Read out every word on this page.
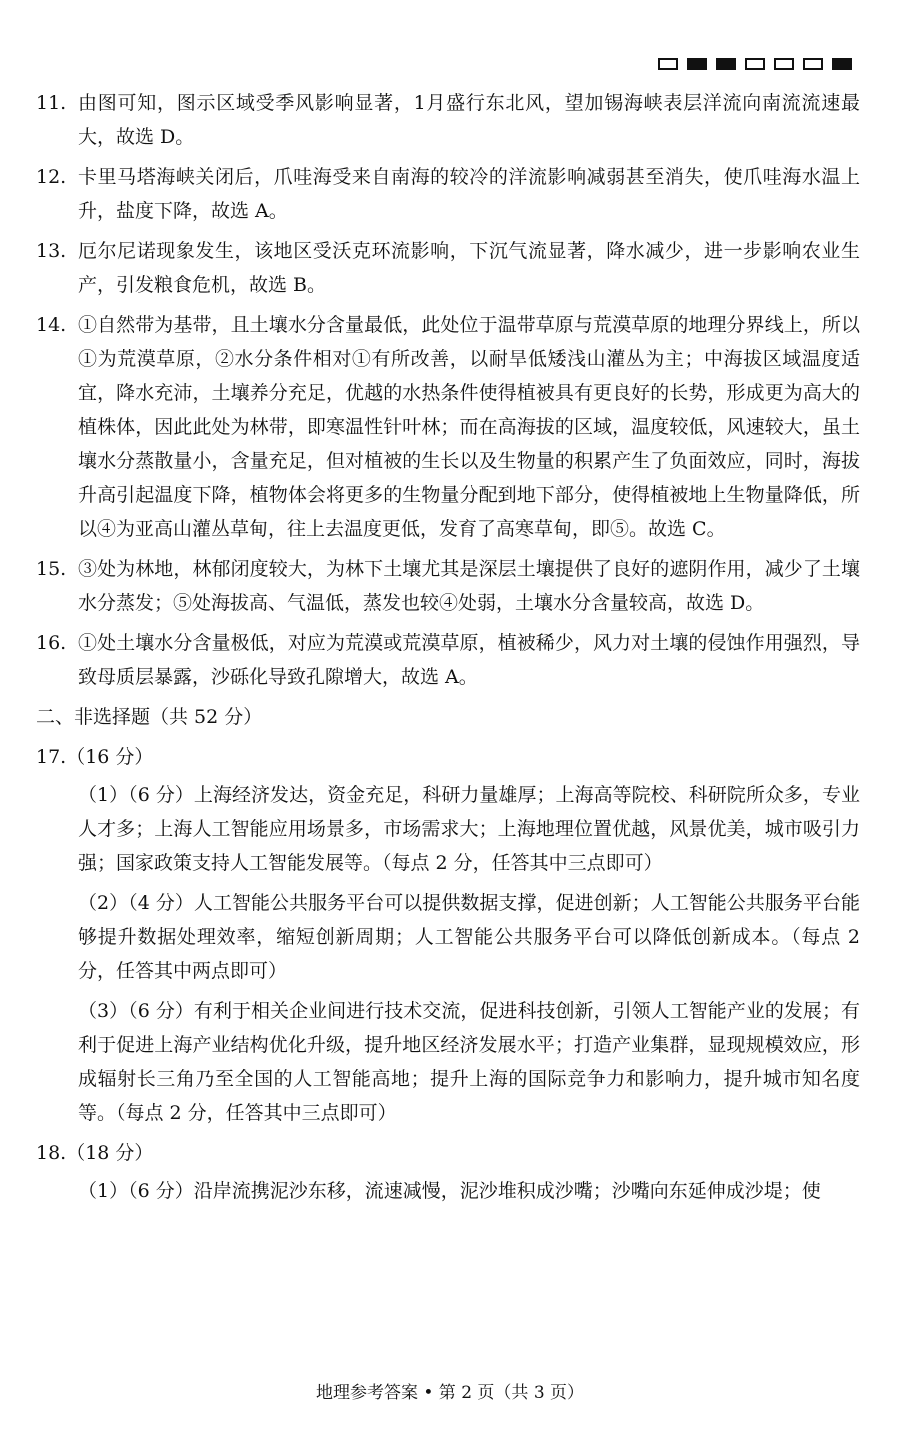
11. 由图可知，图示区域受季风影响显著，1月盛行东北风，望加锡海峡表层洋流向南流流速最大，故选 D。
12. 卡里马塔海峡关闭后，爪哇海受来自南海的较冷的洋流影响减弱甚至消失，使爪哇海水温上升，盐度下降，故选 A。
13. 厄尔尼诺现象发生，该地区受沃克环流影响，下沉气流显著，降水减少，进一步影响农业生产，引发粮食危机，故选 B。
14. ①自然带为基带，且土壤水分含量最低，此处位于温带草原与荒漠草原的地理分界线上，所以①为荒漠草原，②水分条件相对①有所改善，以耐旱低矮浅山灌丛为主；中海拔区域温度适宜，降水充沛，土壤养分充足，优越的水热条件使得植被具有更良好的长势，形成更为高大的植株体，因此此处为林带，即寒温性针叶林；而在高海拔的区域，温度较低，风速较大，虽土壤水分蒸散量小，含量充足，但对植被的生长以及生物量的积累产生了负面效应，同时，海拔升高引起温度下降，植物体会将更多的生物量分配到地下部分，使得植被地上生物量降低，所以④为亚高山灌丛草甸，往上去温度更低，发育了高寒草甸，即⑤。故选 C。
15. ③处为林地，林郁闭度较大，为林下土壤尤其是深层土壤提供了良好的遮阴作用，减少了土壤水分蒸发；⑤处海拔高、气温低，蒸发也较④处弱，土壤水分含量较高，故选 D。
16. ①处土壤水分含量极低，对应为荒漠或荒漠草原，植被稀少，风力对土壤的侵蚀作用强烈，导致母质层暴露，沙砾化导致孔隙增大，故选 A。
二、非选择题（共 52 分）
17.（16 分）
（1）（6 分）上海经济发达，资金充足，科研力量雄厚；上海高等院校、科研院所众多，专业人才多；上海人工智能应用场景多，市场需求大；上海地理位置优越，风景优美，城市吸引力强；国家政策支持人工智能发展等。（每点 2 分，任答其中三点即可）
（2）（4 分）人工智能公共服务平台可以提供数据支撑，促进创新；人工智能公共服务平台能够提升数据处理效率，缩短创新周期；人工智能公共服务平台可以降低创新成本。（每点 2 分，任答其中两点即可）
（3）（6 分）有利于相关企业间进行技术交流，促进科技创新，引领人工智能产业的发展；有利于促进上海产业结构优化升级，提升地区经济发展水平；打造产业集群，显现规模效应，形成辐射长三角乃至全国的人工智能高地；提升上海的国际竞争力和影响力，提升城市知名度等。（每点 2 分，任答其中三点即可）
18.（18 分）
（1）（6 分）沿岸流携泥沙东移，流速减慢，泥沙堆积成沙嘴；沙嘴向东延伸成沙堤；使
地理参考答案 • 第 2 页（共 3 页）
